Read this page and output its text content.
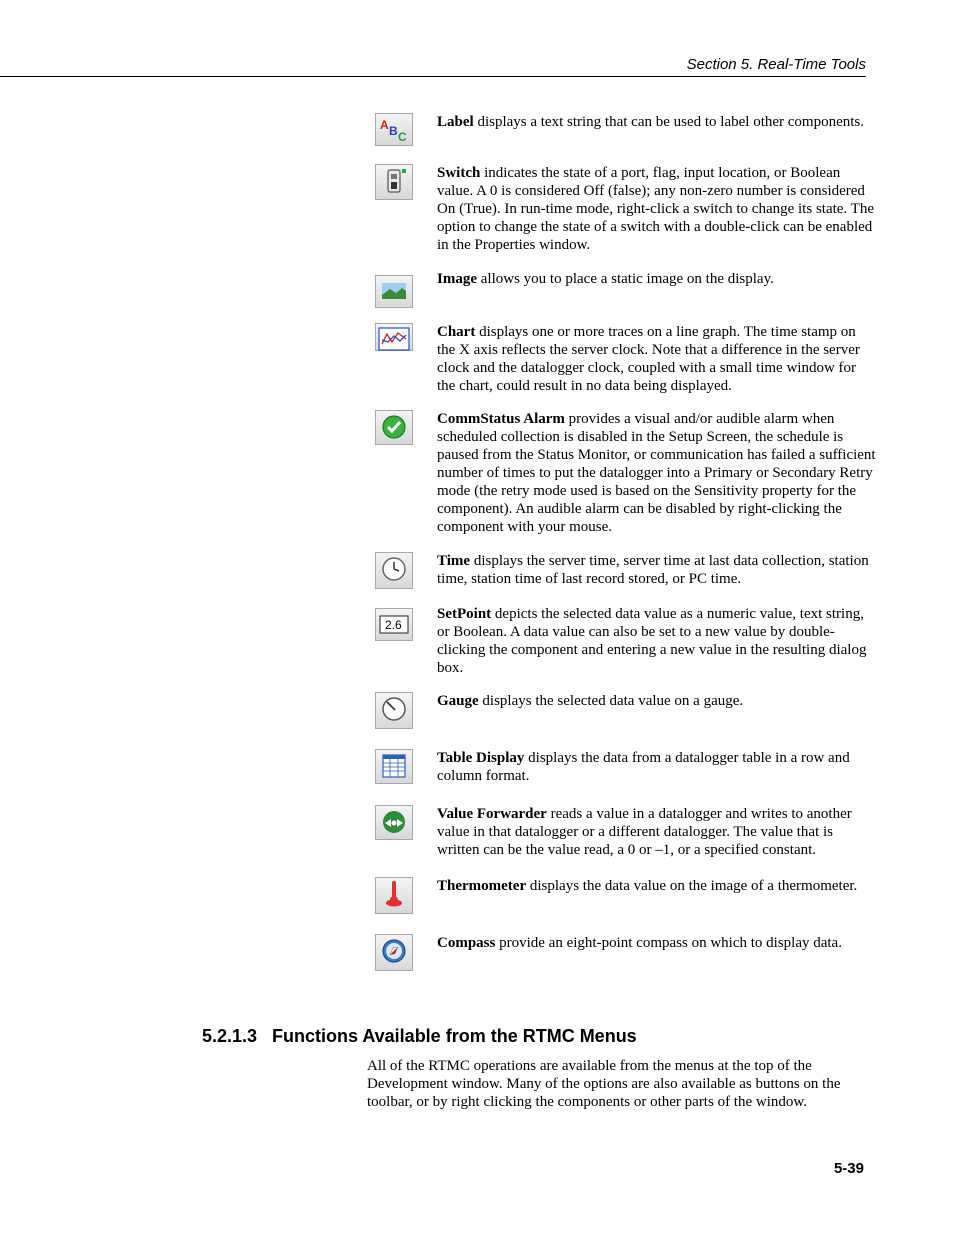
Section 5. Real-Time Tools
A B C
Label displays a text string that can be used to label other components.
Switch indicates the state of a port, flag, input location, or Boolean value. A 0 is considered Off (false); any non-zero number is considered On (True). In run-time mode, right-click a switch to change its state. The option to change the state of a switch with a double-click can be enabled in the Properties window.
Image allows you to place a static image on the display.
Chart displays one or more traces on a line graph. The time stamp on the X axis reflects the server clock. Note that a difference in the server clock and the datalogger clock, coupled with a small time window for the chart, could result in no data being displayed.
CommStatus Alarm provides a visual and/or audible alarm when scheduled collection is disabled in the Setup Screen, the schedule is paused from the Status Monitor, or communication has failed a sufficient number of times to put the datalogger into a Primary or Secondary Retry mode (the retry mode used is based on the Sensitivity property for the component). An audible alarm can be disabled by right-clicking the component with your mouse.
Time displays the server time, server time at last data collection, station time, station time of last record stored, or PC time.
2.6
SetPoint depicts the selected data value as a numeric value, text string, or Boolean. A data value can also be set to a new value by double-clicking the component and entering a new value in the resulting dialog box.
Gauge displays the selected data value on a gauge.
Table Display displays the data from a datalogger table in a row and column format.
Value Forwarder reads a value in a datalogger and writes to another value in that datalogger or a different datalogger. The value that is written can be the value read, a 0 or –1, or a specified constant.
Thermometer displays the data value on the image of a thermometer.
Compass provide an eight-point compass on which to display data.
5.2.1.3 Functions Available from the RTMC Menus
All of the RTMC operations are available from the menus at the top of the Development window. Many of the options are also available as buttons on the toolbar, or by right clicking the components or other parts of the window.
5-39
